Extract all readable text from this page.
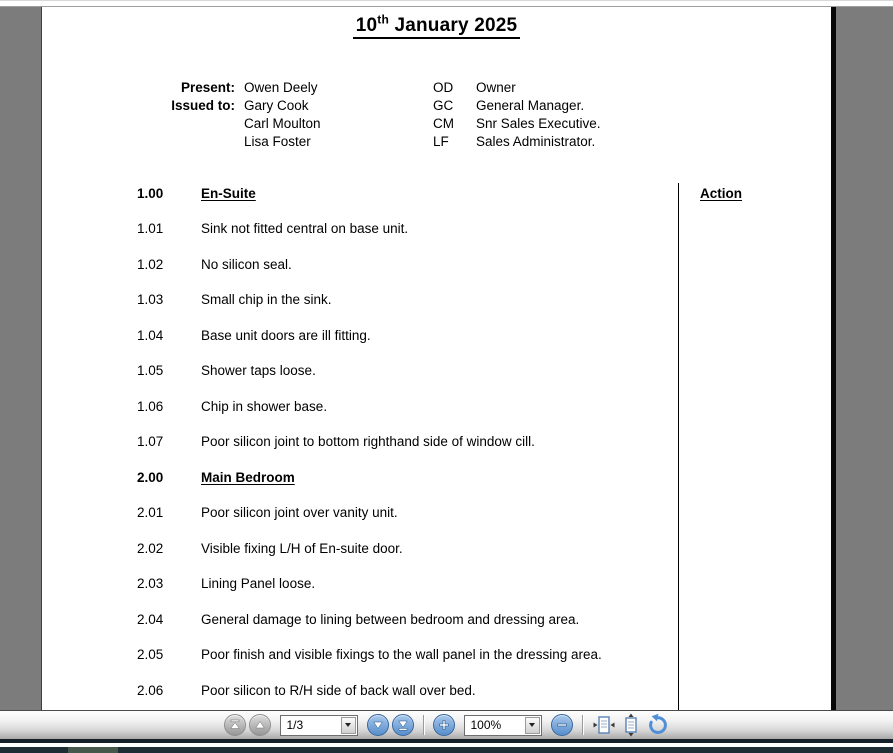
10th January 2025
Present: Owen Deely	OD Owner
Issued to: Gary Cook	GC General Manager.
Carl Moulton	CM Snr Sales Executive.
Lisa Foster	LF Sales Administrator.
Action
1.00	En-Suite
1.01	Sink not fitted central on base unit.
1.02	No silicon seal.
1.03	Small chip in the sink.
1.04	Base unit doors are ill fitting.
1.05	Shower taps loose.
1.06	Chip in shower base.
1.07	Poor silicon joint to bottom righthand side of window cill.
2.00	Main Bedroom
2.01	Poor silicon joint over vanity unit.
2.02	Visible fixing L/H of En-suite door.
2.03	Lining Panel loose.
2.04	General damage to lining between bedroom and dressing area.
2.05	Poor finish and visible fixings to the wall panel in the dressing area.
2.06	Poor silicon to R/H side of back wall over bed.
1/3	100%
